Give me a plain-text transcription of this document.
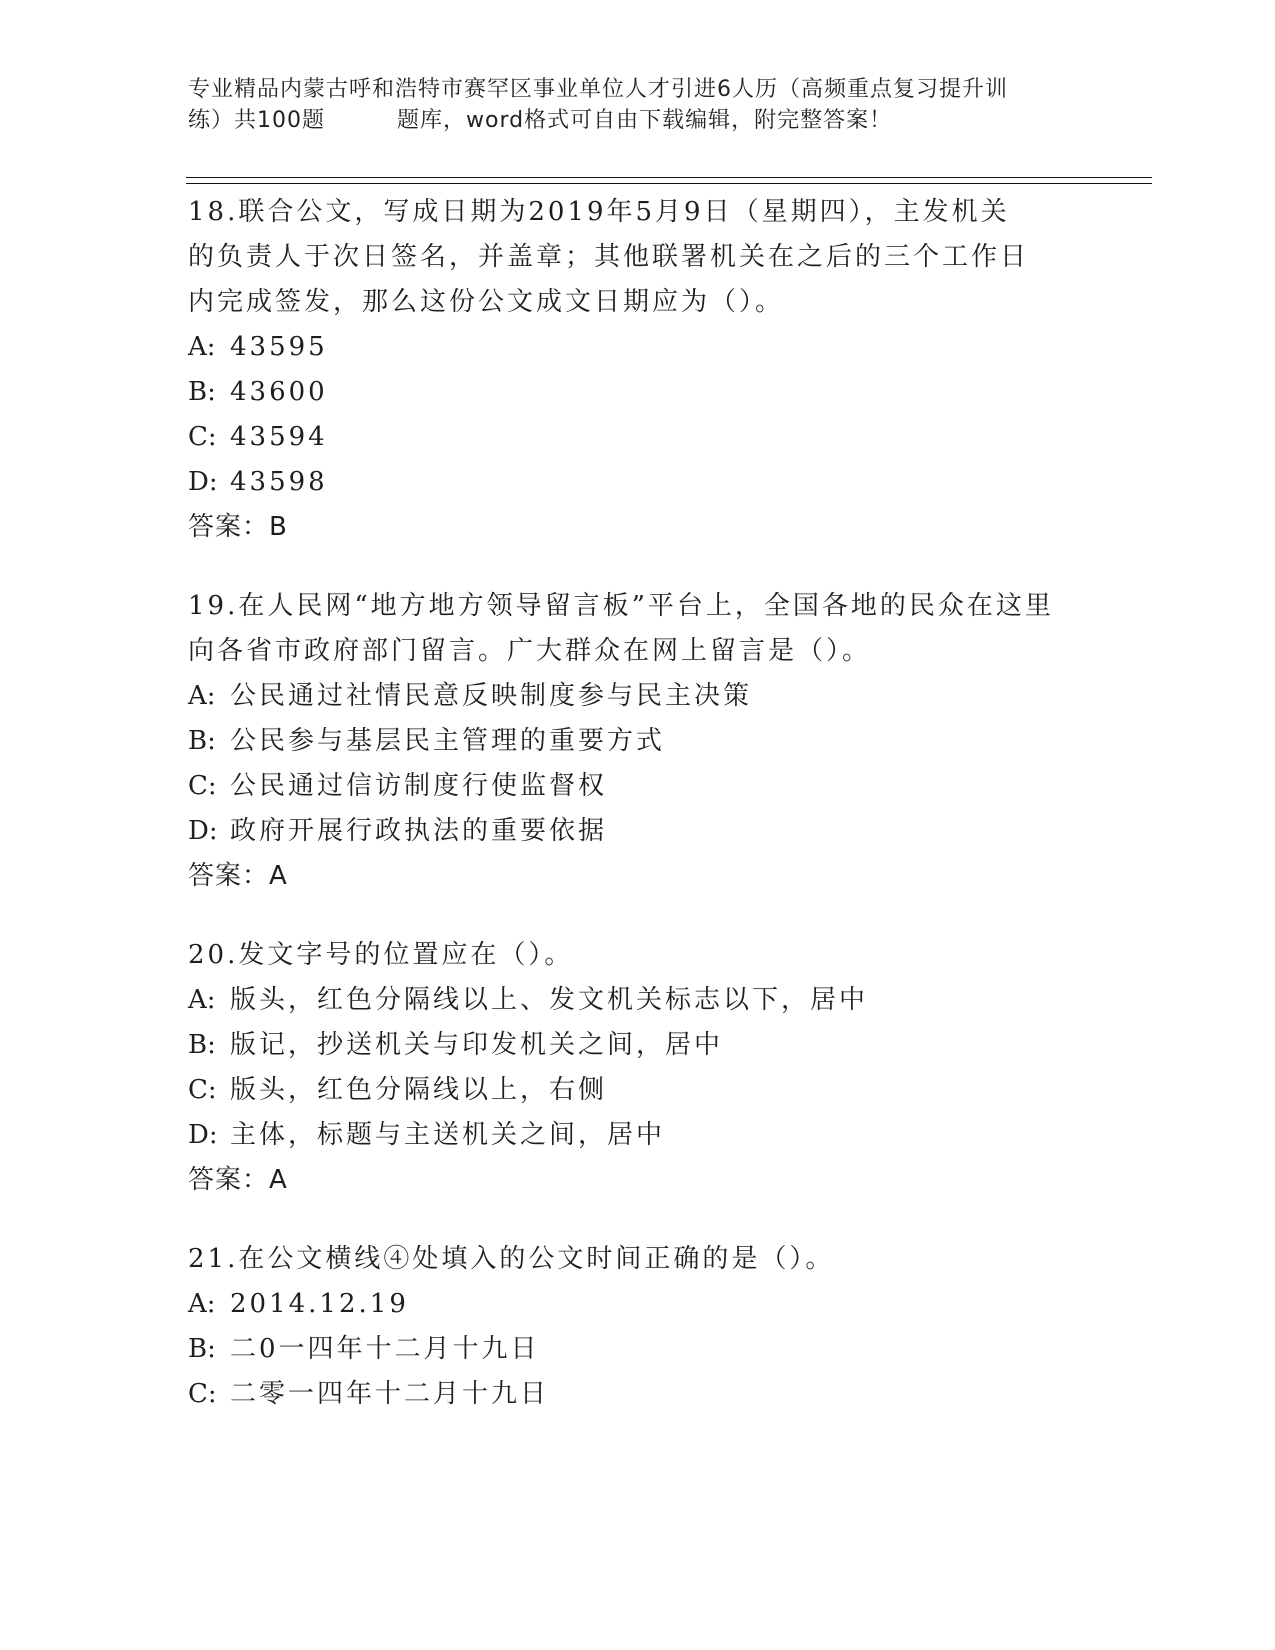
专业精品内蒙古呼和浩特市赛罕区事业单位人才引进6人历（高频重点复习提升训
练）共100题	题库，word格式可自由下载编辑，附完整答案！

18.联合公文，写成日期为2019年5月9日（星期四），主发机关的负责人于次日签名，并盖章；其他联署机关在之后的三个工作日内完成签发，那么这份公文成文日期应为（）。

A: 43595

B: 43600

C: 43594

D: 43598

答案：B

19.在人民网“地方地方领导留言板”平台上，全国各地的民众在这里向各省市政府部门留言。广大群众在网上留言是（）。

A: 公民通过社情民意反映制度参与民主决策

B: 公民参与基层民主管理的重要方式

C: 公民通过信访制度行使监督权

D: 政府开展行政执法的重要依据

答案：A

20.发文字号的位置应在（）。

A: 版头，红色分隔线以上、发文机关标志以下，居中

B: 版记，抄送机关与印发机关之间，居中

C: 版头，红色分隔线以上，右侧

D: 主体，标题与主送机关之间，居中

答案：A

21.在公文横线④处填入的公文时间正确的是（）。

A: 2014.12.19

B: 二0一四年十二月十九日

C: 二零一四年十二月十九日
